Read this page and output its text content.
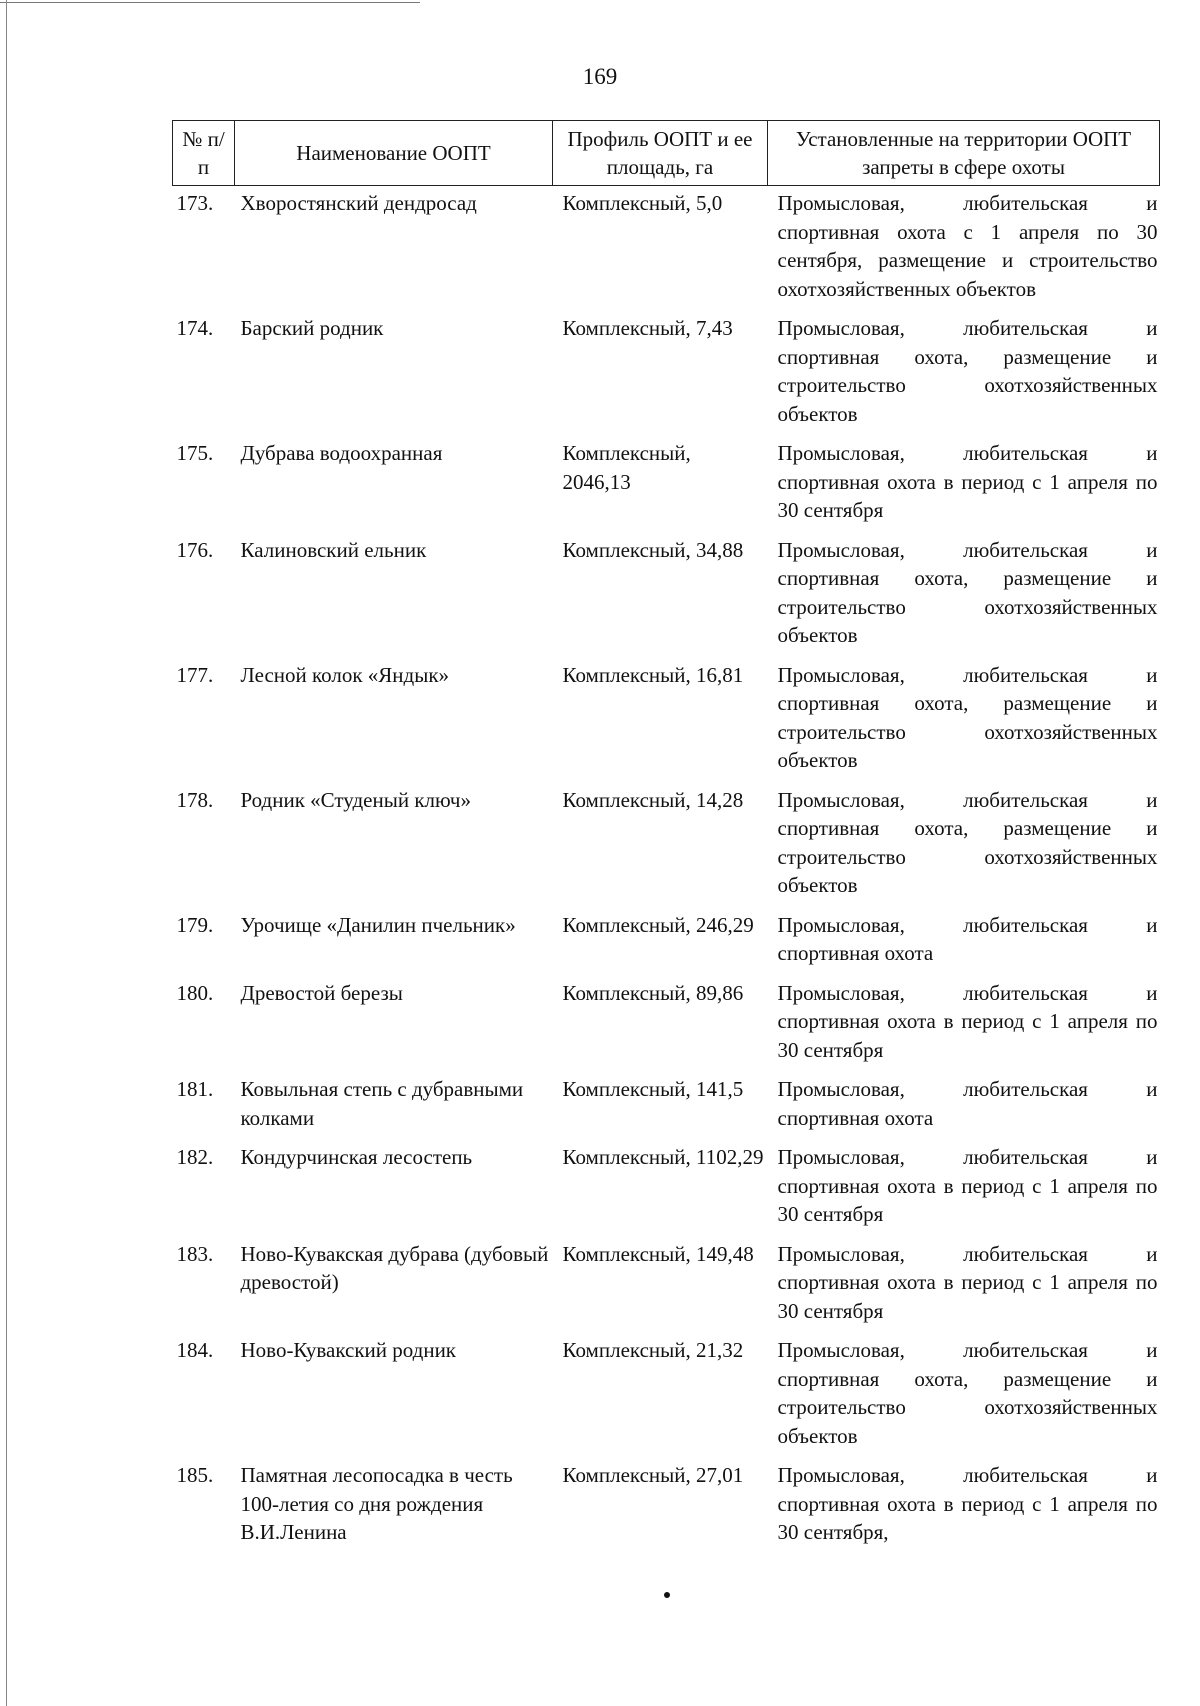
169
№ п/п	Наименование ООПТ	Профиль ООПТ и ее площадь, га	Установленные на территории ООПТ запреты в сфере охоты
173.	Хворостянский дендросад	Комплексный, 5,0	Промысловая, любительская и спортивная охота с 1 апреля по 30 сентября, размещение и строительство охотхозяйственных объектов
174.	Барский родник	Комплексный, 7,43	Промысловая, любительская и спортивная охота, размещение и строительство охотхозяйственных объектов
175.	Дубрава водоохранная	Комплексный, 2046,13	Промысловая, любительская и спортивная охота в период с 1 апреля по 30 сентября
176.	Калиновский ельник	Комплексный, 34,88	Промысловая, любительская и спортивная охота, размещение и строительство охотхозяйственных объектов
177.	Лесной колок «Яндык»	Комплексный, 16,81	Промысловая, любительская и спортивная охота, размещение и строительство охотхозяйственных объектов
178.	Родник «Студеный ключ»	Комплексный, 14,28	Промысловая, любительская и спортивная охота, размещение и строительство охотхозяйственных объектов
179.	Урочище «Данилин пчельник»	Комплексный, 246,29	Промысловая, любительская и спортивная охота
180.	Древостой березы	Комплексный, 89,86	Промысловая, любительская и спортивная охота в период с 1 апреля по 30 сентября
181.	Ковыльная степь с дубравными колками	Комплексный, 141,5	Промысловая, любительская и спортивная охота
182.	Кондурчинская лесостепь	Комплексный, 1102,29	Промысловая, любительская и спортивная охота в период с 1 апреля по 30 сентября
183.	Ново-Кувакская дубрава (дубовый древостой)	Комплексный, 149,48	Промысловая, любительская и спортивная охота в период с 1 апреля по 30 сентября
184.	Ново-Кувакский родник	Комплексный, 21,32	Промысловая, любительская и спортивная охота, размещение и строительство охотхозяйственных объектов
185.	Памятная лесопосадка в честь 100-летия со дня рождения В.И.Ленина	Комплексный, 27,01	Промысловая, любительская и спортивная охота в период с 1 апреля по 30 сентября,
